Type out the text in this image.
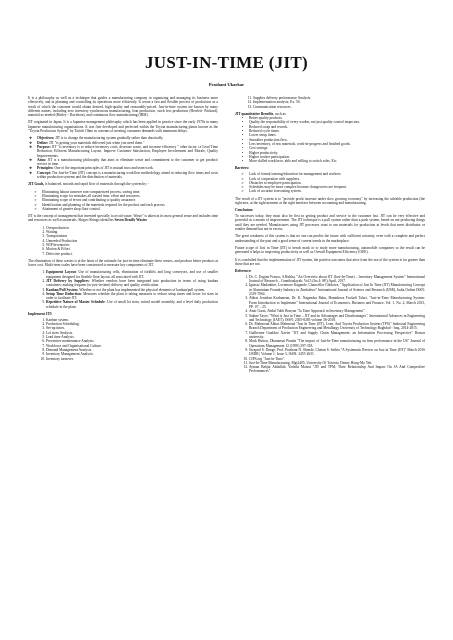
JUST-IN-TIME (JIT)
Prashant Ukarkar

It is a philosophy as well as a technique that guides a manufacturing company in organizing and managing its business more effectively, and in planning and controlling its operations more efficiently. It create a fast and flexible process of production as a result of which the customer would obtain desired, high-quality and reasonably-priced. Just-in-time system are known by many different names, including zero inventory synchronous manufacturing, lean production, stock less production (Hewlett- Packard), material as needed (Harley - Davidson), and continuous flow manufacturing (IBM).

JIT originated in Japan. It is a Japanese management philosophy which has been applied in practice since the early 1970s in many Japanese manufacturing organisations. It was first developed and perfected within the Toyota manufacturing plants known as the "Toyota Production System" by Taiichi Ohno as a means of meeting consumer demands with minimum delays.

❖ Objectives: JIT is to change the manufacturing system gradually rather than drastically.
❖ Define: JIT "is getting your materials delivered just when you need them."
❖ Purpose: JIT "is inventory is to reduce inventory costs, decrease waste, and increase efficiency " other factor i.e Lead Time Reduction, Efficient Manufacturing Layout, Improve Customer Satisfaction, Employee Involvement and Morale, Quality Improvements.
❖ Aims: JIT is a manufacturing philosophy that aims to eliminate waste and commitment to the customer to get product/ service in time.
❖ Principles: One of the important principles of JIT is mutual trust and team work.
❖ Concept: The Just-In-Time (JIT) concept is a manufacturing workflow methodology aimed at reducing flow times and costs within production systems and the distribution of materials.

JIT Goals, is balanced, smooth and rapid flow of materials through the system by: -

➢ Eliminating labour turnover non-computerized process, saving time.
➢ Eliminating scope for mistakes all wasted time, effort and resources.
➢ Eliminating scope of errors and contributing to quality assurance.
➢ Identification and planning of the materials required for the product and each process.
➢ Attainment of greater shop floor control.

JIT is the concept of management that invented specially to avoid waste. Waste" is taken in its most general sense and includes time and resources as well as materials. Shigeo Shingo identifies Seven Deadly Wastes

1. Overproduction
2. Waiting
3. Transportation
4. Unneeded Production
5. WIP Inventories
6. Motion & Effort
7. Defective product.

The elimination of these wastes is at the heart of the rationale for just-in-time eliminate these wastes, and produce better products at lower cost. Multi-term scales have been constructed to measure key components of JIT.

1. Equipment Layout: Use of manufacturing cells, elimination of forklifts and long conveyors, and use of smaller equipment designed for flexible floor layout, all associated with JIT.
2. JIT Delivery by Suppliers: Whether vendors have been integrated into production in terms of using kanban containers; making frequent (or just-in-time) delivery and quality certification.
3. Kanban/Pull System: Whether or not the plant has implemented the physical elements of kanban/pull system.
4. Setup Time Reduction: Measures whether the plant is taking measures to reduce setup times and lower lot sizes in order to facilitate JIT.
5. Repetitive Nature of Master Schedule: Use of small lot sizes, mixed model assembly, and a level daily production schedule in the plant.
Implement JIT:
1. Kanban system.
2. Production Scheduling.
3. Set-up times.
4. Lot sizes Analysis.
5. Lead time Analysis.
6. Preventive maintenance Analysis.
7. Workforce and Organisational Culture.
8. Demand Management Analysis.
9. Inventory Management Analysis.
10. Inventory turnover.
11. Supplier delivery performance Analysis.
12. Implementation analysis: Ex. 5S.
13. Communication resources.
JIT quantitative Benefits, such as:
• Better quality products.
• Quality the responsibility of every worker, not just quality control inspectors.
• Reduced scrap and rework.
• Reduced cycle times.
• Lower setup times.
• Smoother production flow.
• Less inventory, of raw materials, work-in-progress and finished goods.
• Cost savings.
• Higher productivity.
• Higher worker participation.
• More skilled workforce, able and willing to switch roles. Etc.
Barriers:
➢ Lack of formal training/education for management and workers.
➢ Lack of cooperation with suppliers.
➢ Obstacles to employee participation.
➢ Schedules may be more complex because changeovers are frequent.
➢ Lack of accurate forecasting system.

The result of a JIT system is to "provide profit increase under slow growing economy" by increasing the saleable production (the right mix, at the right moment at the right interface between accounting and manufacturing.

Conclusion:

To successes today, they must also be first in getting product and service to the customer fast. JIT can be very effective and powerful as a means of improvement. The JIT technique is a pull system rather than a push system, based on not producing things until they are needed. Manufactures using JIT processes want to use materials for production at levels that meet distributor or retailer demand but not in excess.

The great weakness of this system is that no one can predict the future with sufficient certainty, even with a complete and perfect understanding of the past and a good sense of current trends in the marketplace.

Future scope of Just in Time (JIT) to bench mark or to study more manufacturing, automobile companies so the result can be generated it helps to improving productivity as well as Overall Equipment Efficiency (OEE).

It is concluded that the implementation of JIT system, the positive outcomes that arise from the use of the system is far greater than those that are not.

Reference:
1. Dr. C. Eugine Franco, S.Rubha, "An Overview about JIT (Just-In-Time) – Inventory Management System" International Journal of Research – Granthaalayah, Vol.5 (Iss.4: SE):April, 2017.
2. Ignasio Madanhire, Lovemore Kagande, Chancellor Chidziva, "Application of Just In Time (JIT) Manufacturing Concept in Aluminium Foundry Industry in Zimbabwe" International Journal of Science and Research (IJSR), India Online ISSN: 2319-7064.
3. Abbas Jeraidan Kosbanean, Dr. K. Nagendra Babu, Hamidreza Fooladi Talari, "Just-in-Time Manufacturing System: From Introduction to Implement" International Journal of Economics, Business and Finance, Vol. 1, No. 2, March 2013, PP: 07 – 25.
4. Amir Garai, Abdul Talib Bonyan "Ja Time Approach in Inventory Management".
5. Sakine Tayer, "What is Just in Time – JIT and its Advantages and Disadvantages", International Advances in Engineering and Technology (IAET), ISSN: 2305-8285 volume 36-2018.
6. Dr. Mahmoud Abbas Mahmoud "Just In Time (JIT), Lean, And Toyota Production System (TPS)" Industrial Engineering Branch Department of Production Engineering and Metallurgy University of Technology Baghdad - Iraq, 2014-2015.
7. Guilherme Gualdao Xavier "JIT and Supply Chain Management: an Information Processing Perspective" Boston university.
8. Mark Hutton, Dhanansat Pianda "The impact of Just-In-Time manufacturing on firm performance in the US" Journal of Operations Management 12 (1995) 297-318.
9. Swapnil S. Dange, Prof. Prashant N. Shende, Chetan S. Sethia "A Systematic Review on Just in Time (JIT)" March 2016 IJSDR | Volume 1, Issue 3, ISSN: 2455-2631.
10. CIPS.org "Just-in-Time".
11. Just-In-Time Manufacturing, Mgt2405, University Of Toronto, Denny Hong-Mo Yeh.
12. Ayman Bahjat Abdallah, Yoshiki Matsui "JIT and TPM, Their Relationship And Impact On JA And Competitive Performances".
